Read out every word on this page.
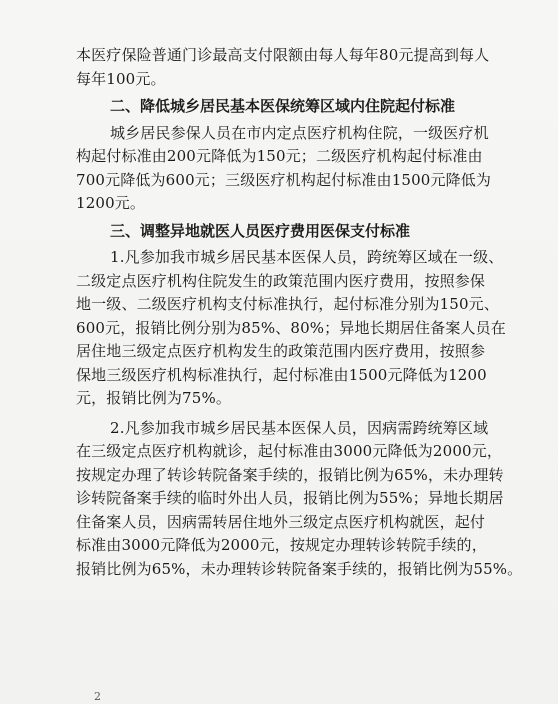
本医疗保险普通门诊最高支付限额由每人每年80元提高到每人
每年100元。
二、降低城乡居民基本医保统筹区域内住院起付标准
城乡居民参保人员在市内定点医疗机构住院，一级医疗机
构起付标准由200元降低为150元；二级医疗机构起付标准由
700元降低为600元；三级医疗机构起付标准由1500元降低为
1200元。
三、调整异地就医人员医疗费用医保支付标准
1.凡参加我市城乡居民基本医保人员，跨统筹区域在一级、
二级定点医疗机构住院发生的政策范围内医疗费用，按照参保
地一级、二级医疗机构支付标准执行，起付标准分别为150元、
600元，报销比例分别为85%、80%；异地长期居住备案人员在
居住地三级定点医疗机构发生的政策范围内医疗费用，按照参
保地三级医疗机构标准执行，起付标准由1500元降低为1200
元，报销比例为75%。
2.凡参加我市城乡居民基本医保人员，因病需跨统筹区域
在三级定点医疗机构就诊，起付标准由3000元降低为2000元，
按规定办理了转诊转院备案手续的，报销比例为65%，未办理转
诊转院备案手续的临时外出人员，报销比例为55%；异地长期居
住备案人员，因病需转居住地外三级定点医疗机构就医，起付
标准由3000元降低为2000元，按规定办理转诊转院手续的，
报销比例为65%，未办理转诊转院备案手续的，报销比例为55%。
2
